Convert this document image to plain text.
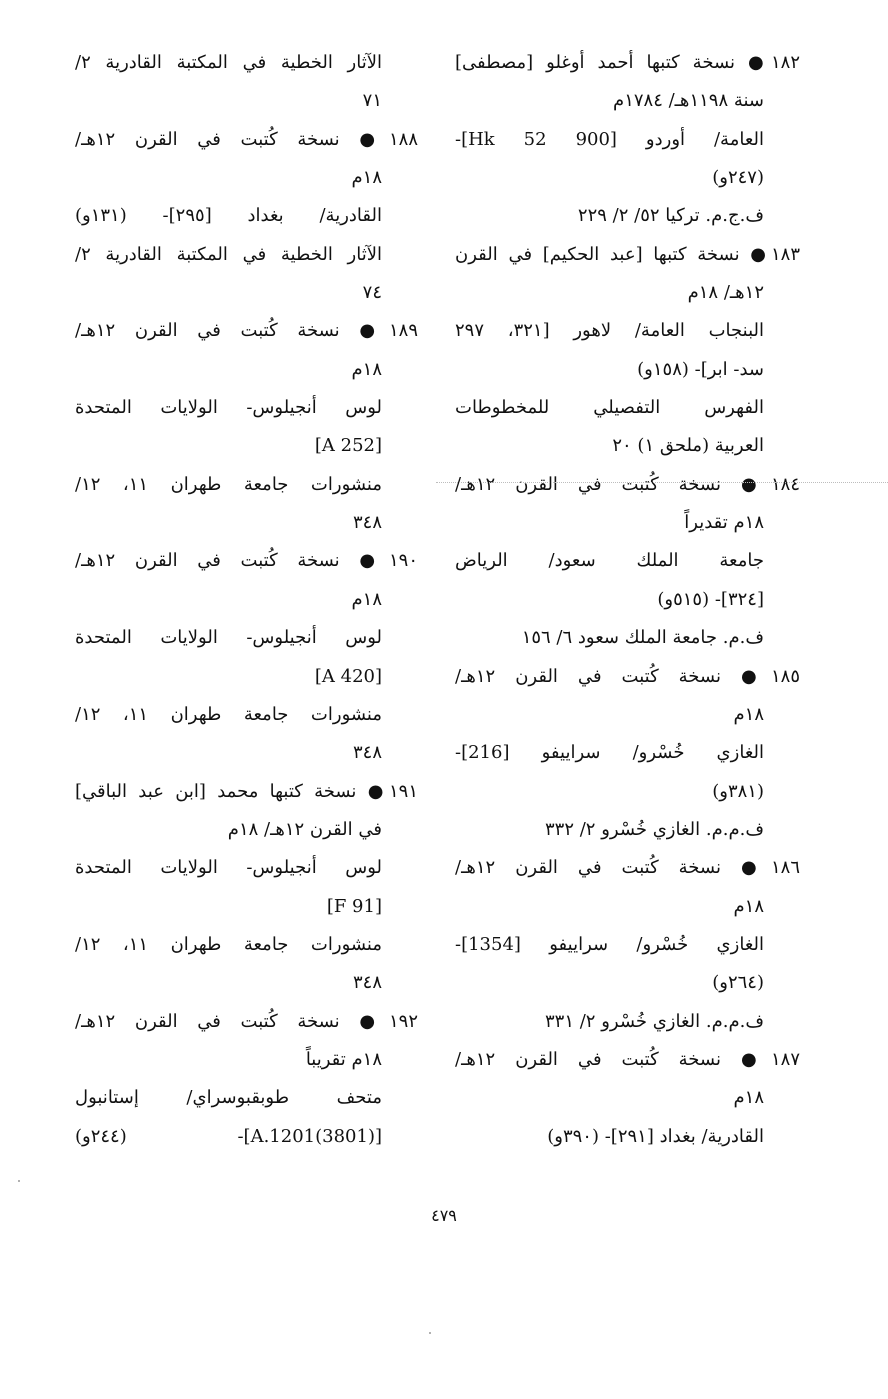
١٨٢● نسخة كتبها أحمد أوغلو [مصطفى]
سنة ١١٩٨هـ/ ١٧٨٤م
العامة/ أوردو [900 Hk 52]-
(٢٤٧و)
ف.ج.م. تركيا ٥٢/ ٢/ ٢٢٩
١٨٣● نسخة كتبها [عبد الحكيم] في القرن
١٢هـ/ ١٨م
البنجاب العامة/ لاهور [٣٢١، ٢٩٧
سد- ابر]- (١٥٨و)
الفهرس التفصيلي للمخطوطات
العربية (ملحق ١) ٢٠
١٨٤● نسخة كُتبت في القرن ١٢هـ/
١٨م تقديراً
جامعة الملك سعود/ الرياض
[٣٢٤]- (٥١٥و)
ف.م. جامعة الملك سعود ٦/ ١٥٦
١٨٥● نسخة كُتبت في القرن ١٢هـ/
١٨م
الغازي خُسْرو/ سراييفو [216]-
(٣٨١و)
ف.م.م. الغازي خُسْرو ٢/ ٣٣٢
١٨٦● نسخة كُتبت في القرن ١٢هـ/
١٨م
الغازي خُسْرو/ سراييفو [1354]-
(٢٦٤و)
ف.م.م. الغازي خُسْرو ٢/ ٣٣١
١٨٧● نسخة كُتبت في القرن ١٢هـ/
١٨م
القادرية/ بغداد [٢٩١]- (٣٩٠و)
الآثار الخطية في المكتبة القادرية ٢/
٧١
١٨٨● نسخة كُتبت في القرن ١٢هـ/
١٨م
القادرية/ بغداد [٢٩٥]- (١٣١و)
الآثار الخطية في المكتبة القادرية ٢/
٧٤
١٨٩● نسخة كُتبت في القرن ١٢هـ/
١٨م
لوس أنجيلوس- الولايات المتحدة
[A 252]
منشورات جامعة طهران ١١، ١٢/
٣٤٨
١٩٠● نسخة كُتبت في القرن ١٢هـ/
١٨م
لوس أنجيلوس- الولايات المتحدة
[A 420]
منشورات جامعة طهران ١١، ١٢/
٣٤٨
١٩١● نسخة كتبها محمد [ابن عبد الباقي]
في القرن ١٢هـ/ ١٨م
لوس أنجيلوس- الولايات المتحدة
[F 91]
منشورات جامعة طهران ١١، ١٢/
٣٤٨
١٩٢● نسخة كُتبت في القرن ١٢هـ/
١٨م تقريباً
متحف طوبقبوسراي/ إستانبول
[(3801)A.1201]- (٢٤٤و)
٤٧٩
